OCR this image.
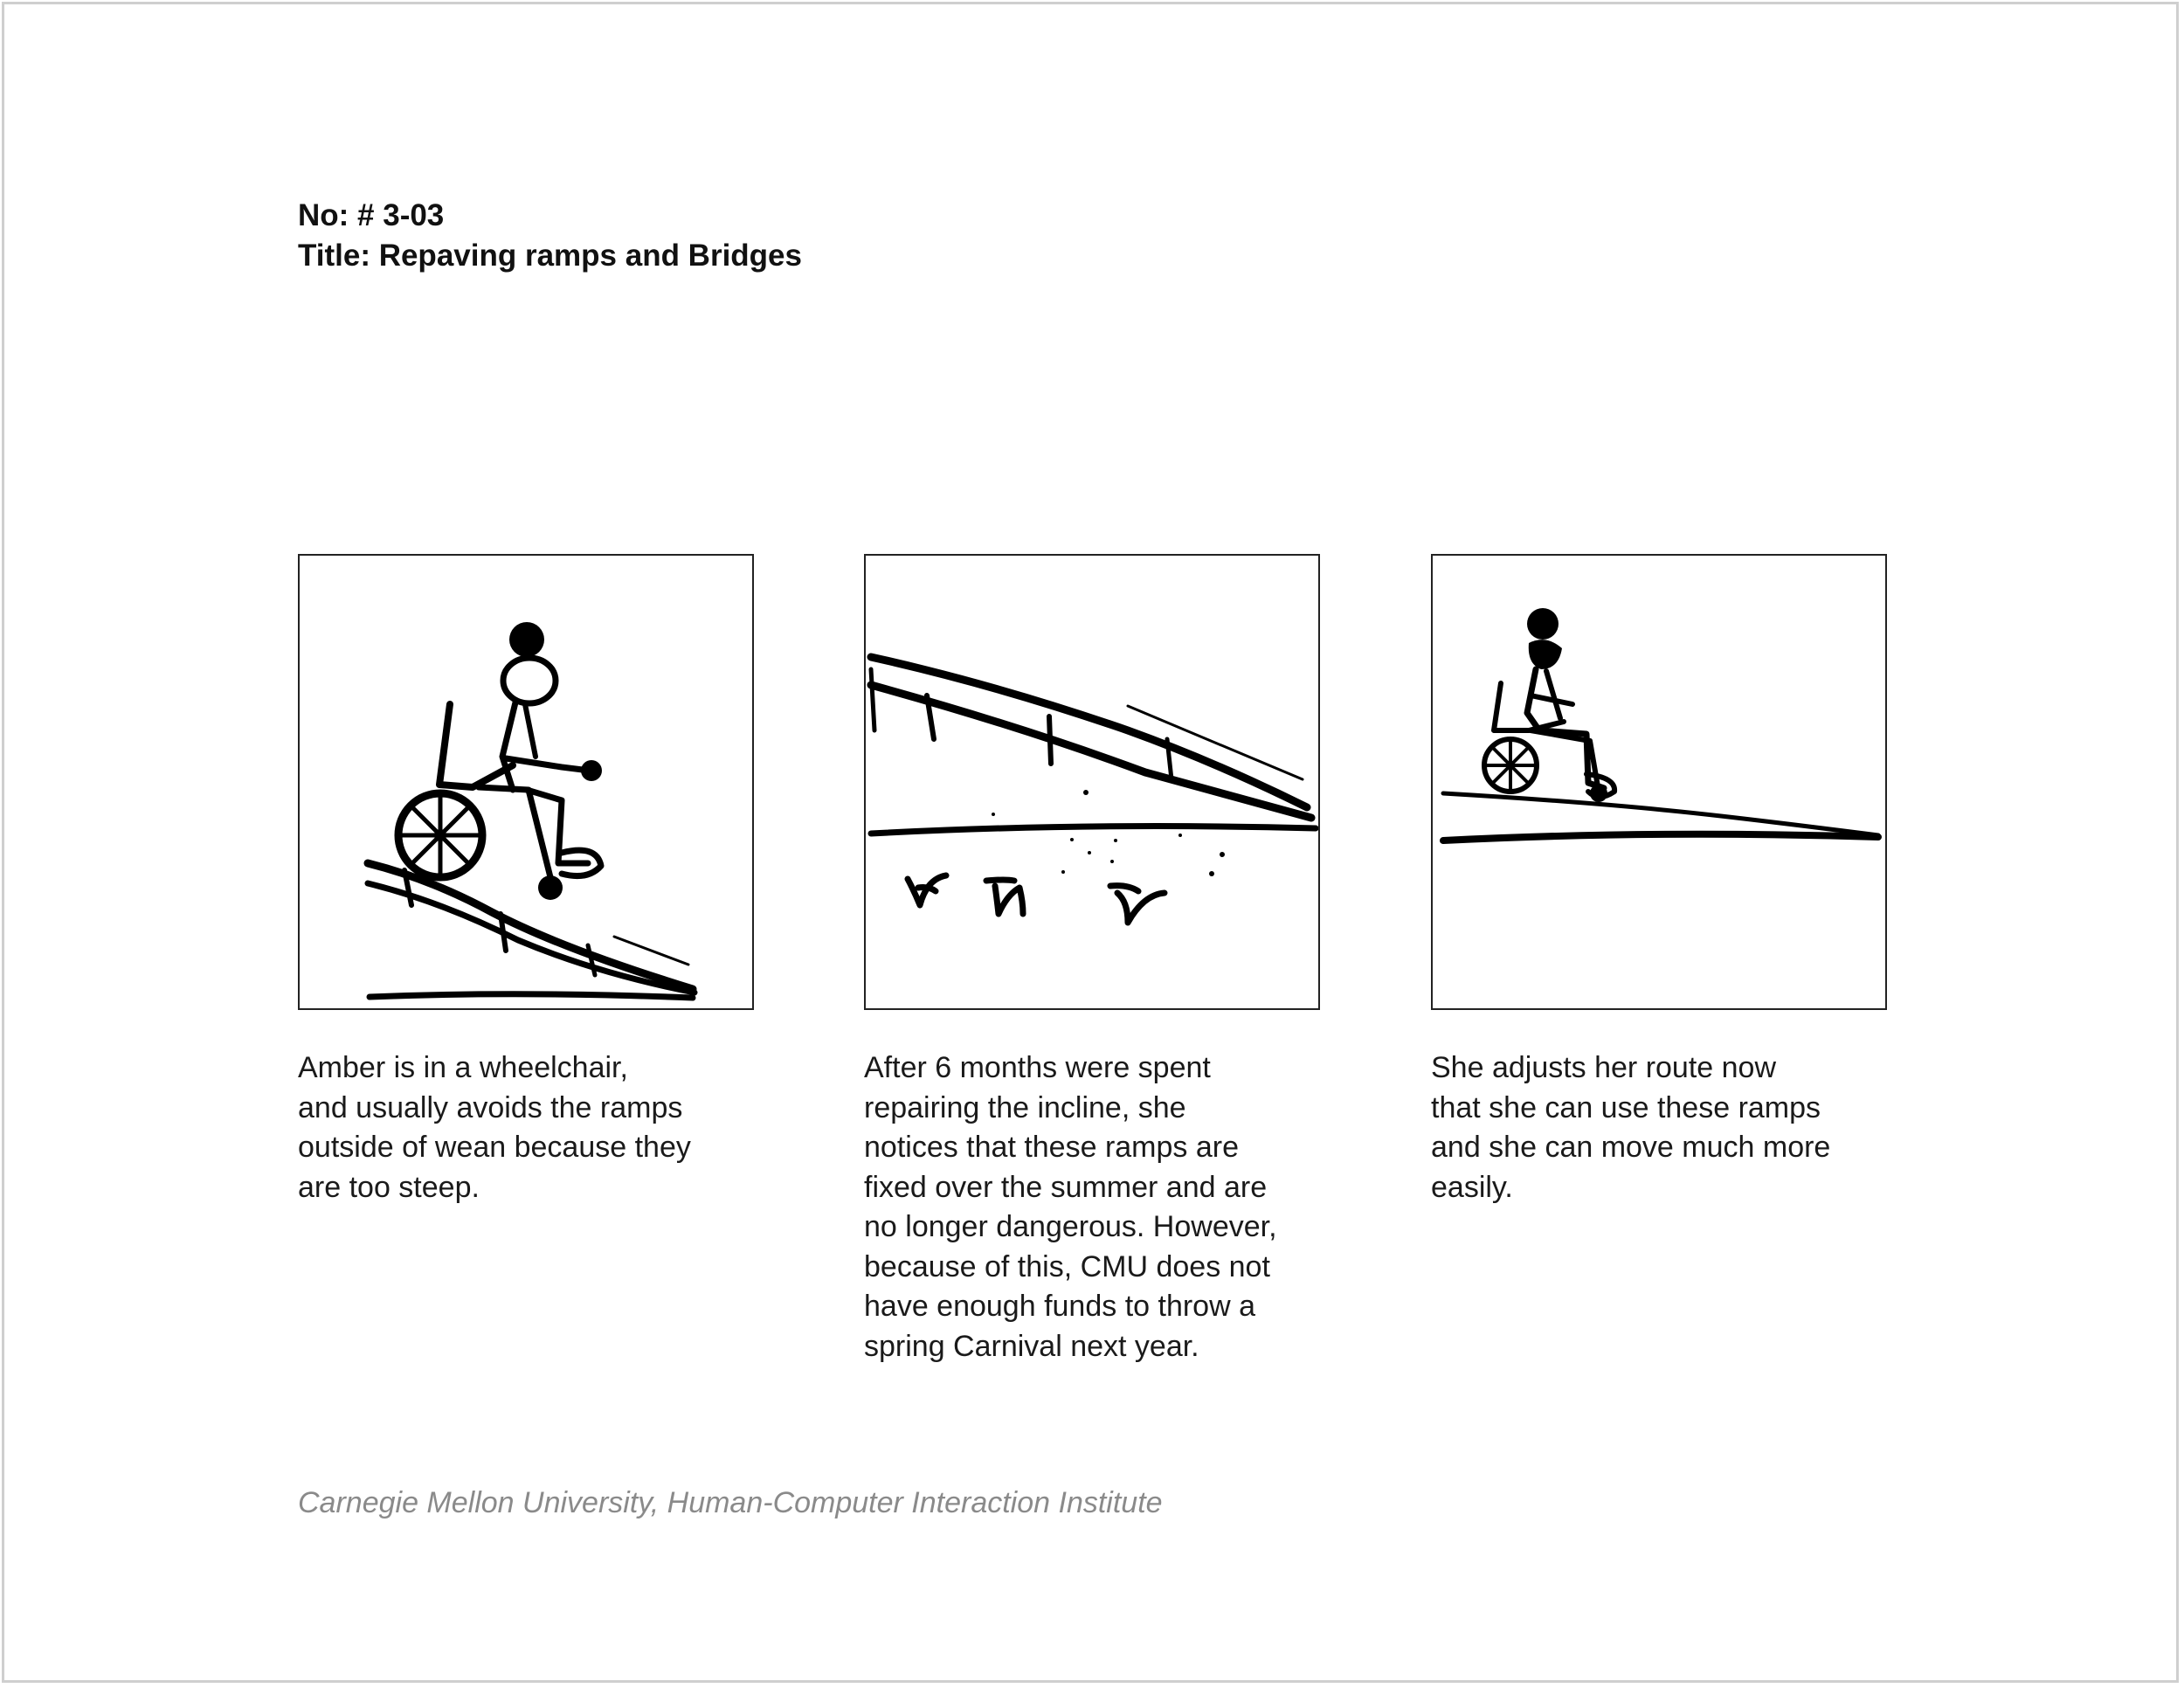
No: # 3-03
Title: Repaving ramps and Bridges
Amber is in a wheelchair,
and usually avoids the ramps
outside of wean because they
are too steep.
After 6 months were spent
repairing the incline, she
notices that these ramps are
fixed over the summer and are
no longer dangerous. However,
because of this, CMU does not
have enough funds to throw a
spring Carnival next year.
She adjusts her route now
that she can use these ramps
and she can move much more
easily.
Carnegie Mellon University, Human-Computer Interaction Institute
